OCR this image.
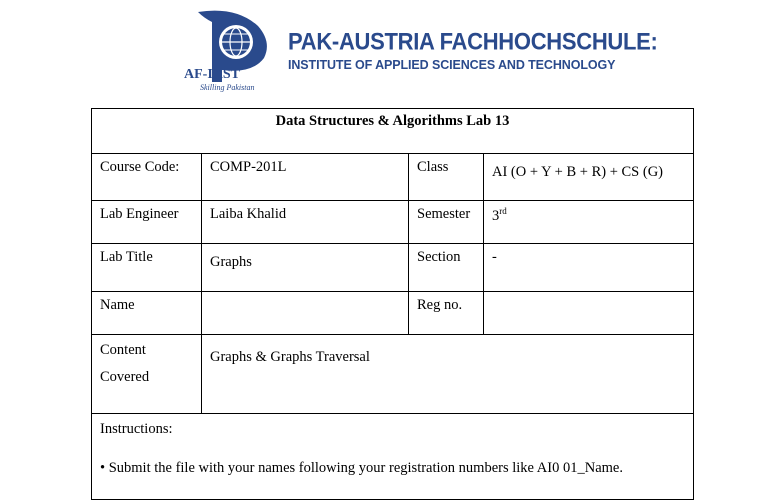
AF-IAST
Skilling Pakistan
PAK-AUSTRIA FACHHOCHSCHULE:
INSTITUTE OF APPLIED SCIENCES AND TECHNOLOGY
Data Structures & Algorithms Lab 13			
Course Code:	COMP-201L	Class	AI (O + Y + B + R) + CS (G)
Lab Engineer	Laiba Khalid	Semester	3rd
Lab Title	Graphs	Section	-
Name		Reg no.	

Content
Covered	Graphs & Graphs Traversal		

Instructions:
• Submit the file with your names following your registration numbers like AI0 01_Name.			
